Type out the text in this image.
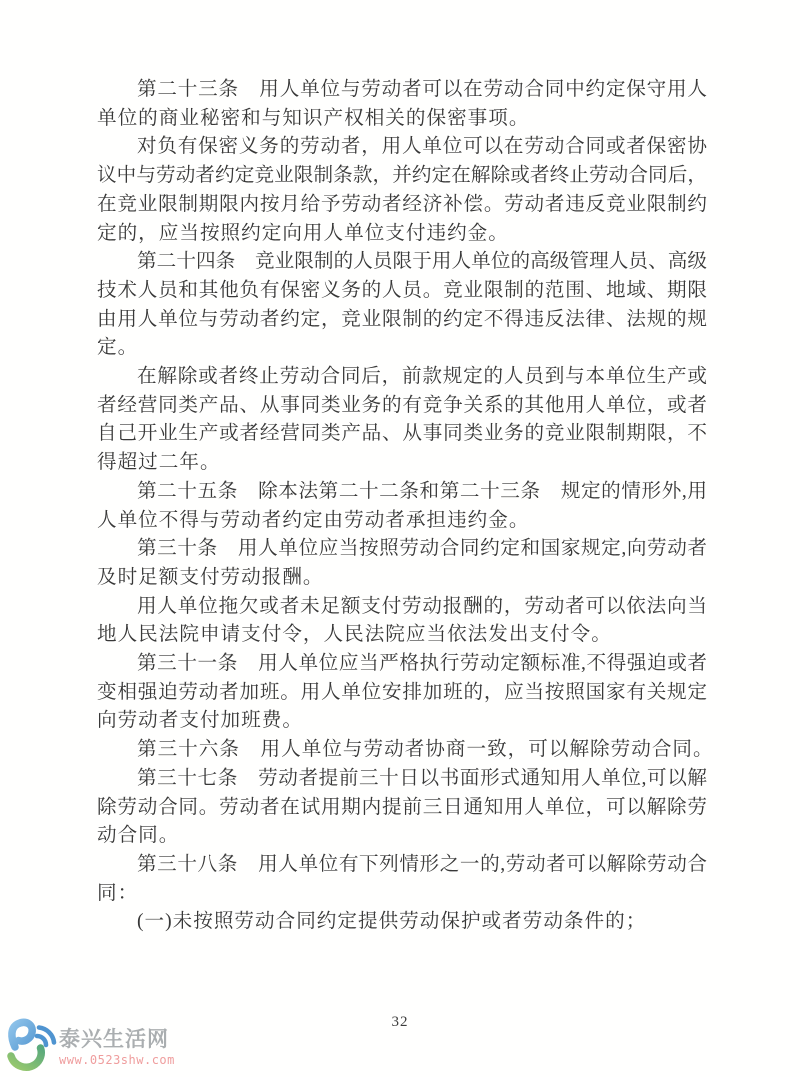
第二十三条　用人单位与劳动者可以在劳动合同中约定保守用人
单位的商业秘密和与知识产权相关的保密事项。
对负有保密义务的劳动者，用人单位可以在劳动合同或者保密协
议中与劳动者约定竞业限制条款，并约定在解除或者终止劳动合同后，
在竞业限制期限内按月给予劳动者经济补偿。劳动者违反竞业限制约
定的，应当按照约定向用人单位支付违约金。
第二十四条　竞业限制的人员限于用人单位的高级管理人员、高级
技术人员和其他负有保密义务的人员。竞业限制的范围、地域、期限
由用人单位与劳动者约定，竞业限制的约定不得违反法律、法规的规
定。
在解除或者终止劳动合同后，前款规定的人员到与本单位生产或
者经营同类产品、从事同类业务的有竞争关系的其他用人单位，或者
自己开业生产或者经营同类产品、从事同类业务的竞业限制期限，不
得超过二年。
第二十五条　除本法第二十二条和第二十三条　规定的情形外,用
人单位不得与劳动者约定由劳动者承担违约金。
第三十条　用人单位应当按照劳动合同约定和国家规定,向劳动者
及时足额支付劳动报酬。
用人单位拖欠或者未足额支付劳动报酬的，劳动者可以依法向当
地人民法院申请支付令，人民法院应当依法发出支付令。
第三十一条　用人单位应当严格执行劳动定额标准,不得强迫或者
变相强迫劳动者加班。用人单位安排加班的，应当按照国家有关规定
向劳动者支付加班费。
第三十六条　用人单位与劳动者协商一致，可以解除劳动合同。
第三十七条　劳动者提前三十日以书面形式通知用人单位,可以解
除劳动合同。劳动者在试用期内提前三日通知用人单位，可以解除劳
动合同。
第三十八条　用人单位有下列情形之一的,劳动者可以解除劳动合
同：
(一)未按照劳动合同约定提供劳动保护或者劳动条件的；
32
泰兴生活网
www.0523shw.com
